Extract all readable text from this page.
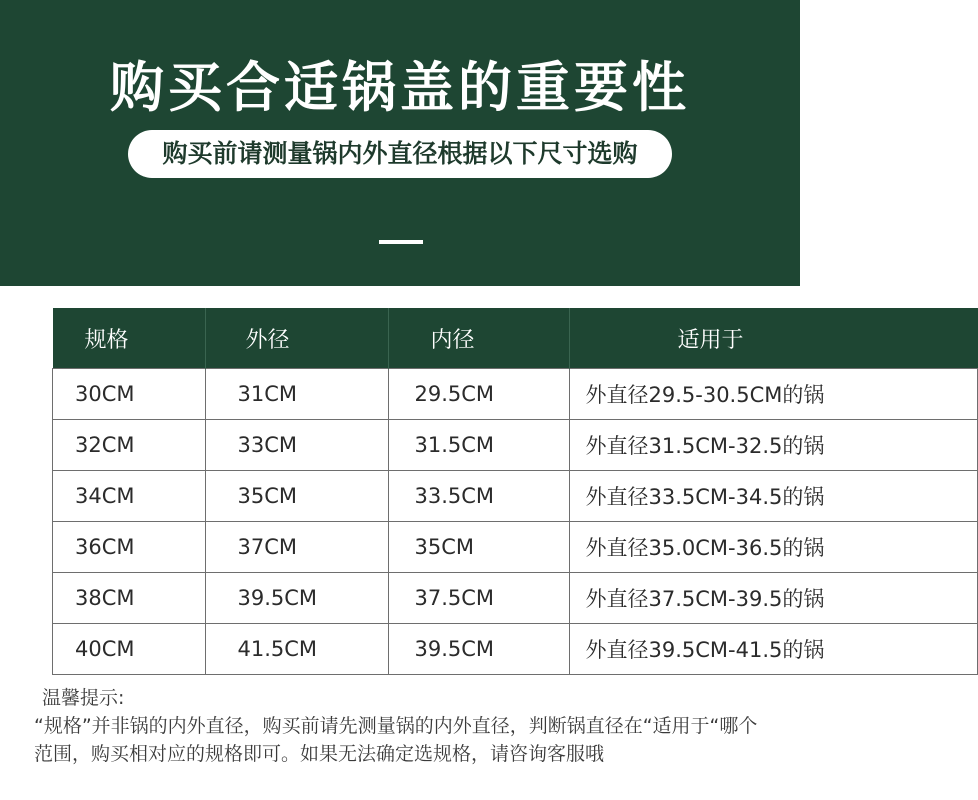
购买合适锅盖的重要性
购买前请测量锅内外直径根据以下尺寸选购
规格	外径	内径	适用于
30CM	31CM	29.5CM	外直径29.5-30.5CM的锅
32CM	33CM	31.5CM	外直径31.5CM-32.5的锅
34CM	35CM	33.5CM	外直径33.5CM-34.5的锅
36CM	37CM	35CM	外直径35.0CM-36.5的锅
38CM	39.5CM	37.5CM	外直径37.5CM-39.5的锅
40CM	41.5CM	39.5CM	外直径39.5CM-41.5的锅
温馨提示:
“规格”并非锅的内外直径，购买前请先测量锅的内外直径，判断锅直径在“适用于“哪个范围，购买相对应的规格即可。如果无法确定选规格，请咨询客服哦
